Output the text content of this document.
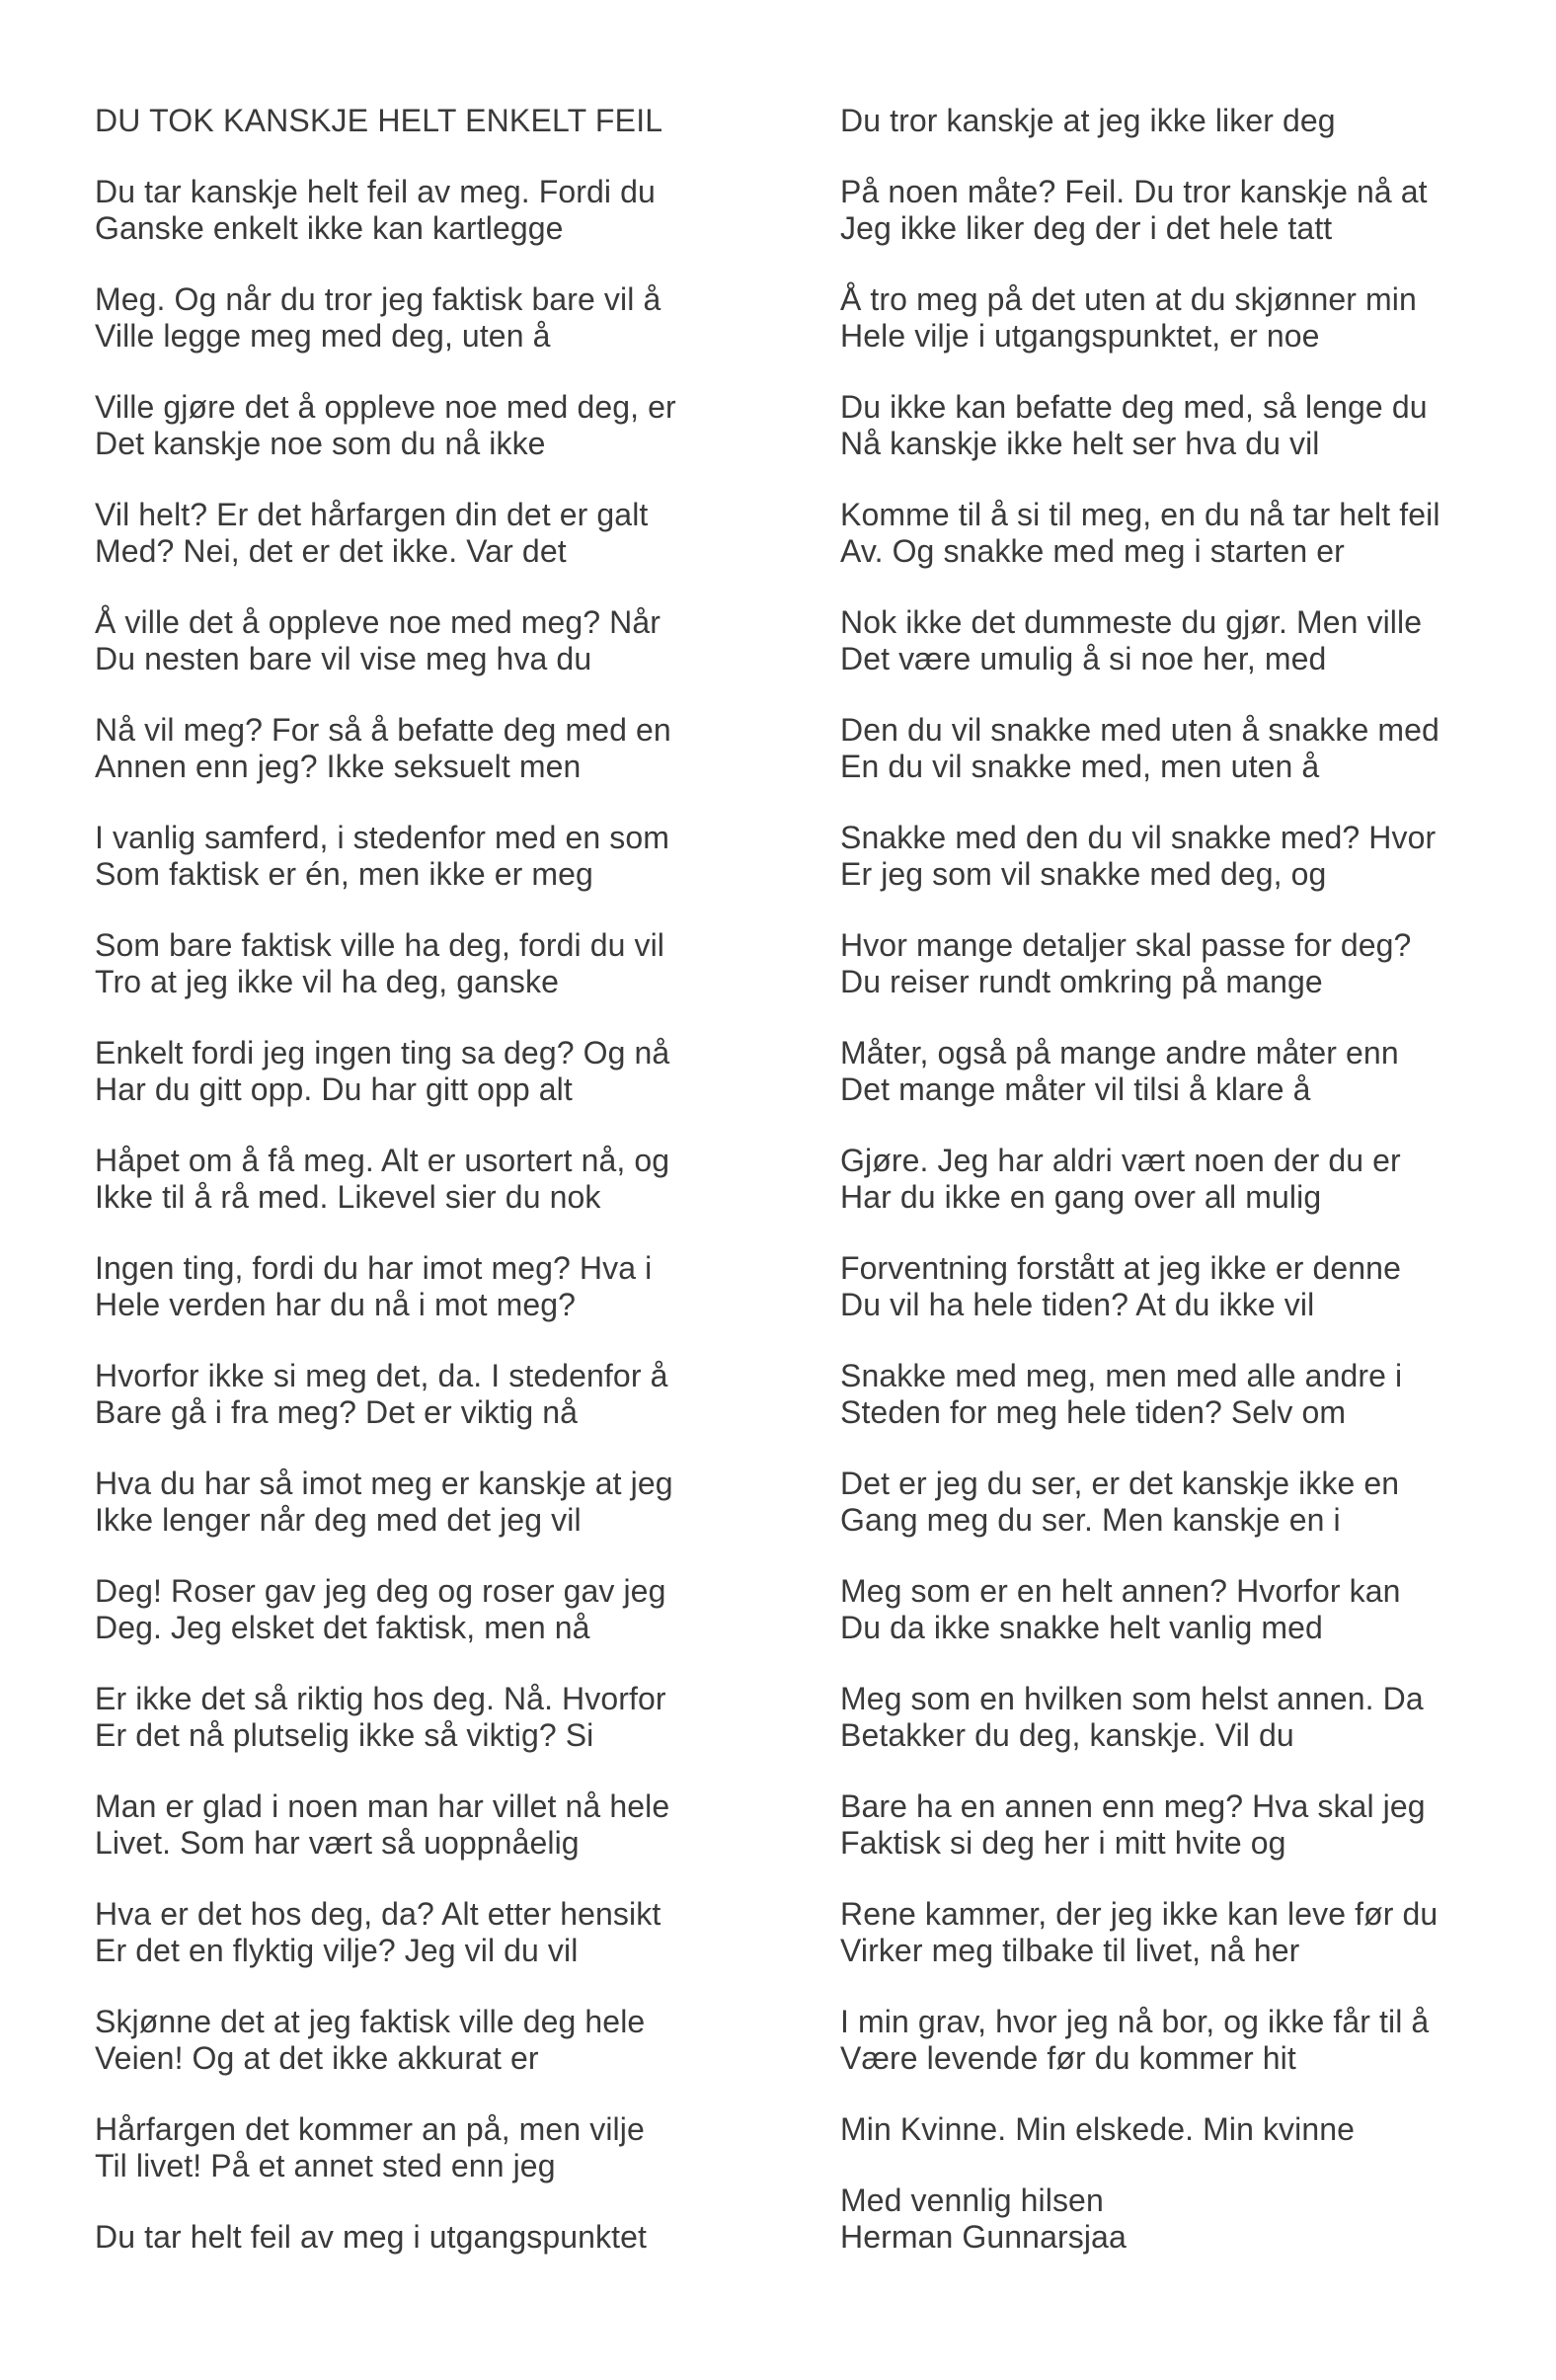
DU TOK KANSKJE HELT ENKELT FEIL
Du tar kanskje helt feil av meg. Fordi du
Ganske enkelt ikke kan kartlegge
Meg. Og når du tror jeg faktisk bare vil å
Ville legge meg med deg, uten å
Ville gjøre det å oppleve noe med deg, er
Det kanskje noe som du nå ikke
Vil helt? Er det hårfargen din det er galt
Med? Nei, det er det ikke. Var det
Å ville det å oppleve noe med meg? Når
Du nesten bare vil vise meg hva du
Nå vil meg? For så å befatte deg med en
Annen enn jeg? Ikke seksuelt men
I vanlig samferd, i stedenfor med en som
Som faktisk er én, men ikke er meg
Som bare faktisk ville ha deg, fordi du vil
Tro at jeg ikke vil ha deg, ganske
Enkelt fordi jeg ingen ting sa deg? Og nå
Har du gitt opp. Du har gitt opp alt
Håpet om å få meg. Alt er usortert nå, og
Ikke til å rå med. Likevel sier du nok
Ingen ting, fordi du har imot meg? Hva i
Hele verden har du nå i mot meg?
Hvorfor ikke si meg det, da. I stedenfor å
Bare gå i fra meg? Det er viktig nå
Hva du har så imot meg er kanskje at jeg
Ikke lenger når deg med det jeg vil
Deg! Roser gav jeg deg og roser gav jeg
Deg. Jeg elsket det faktisk, men nå
Er ikke det så riktig hos deg. Nå. Hvorfor
Er det nå plutselig ikke så viktig? Si
Man er glad i noen man har villet nå hele
Livet. Som har vært så uoppnåelig
Hva er det hos deg, da? Alt etter hensikt
Er det en flyktig vilje? Jeg vil du vil
Skjønne det at jeg faktisk ville deg hele
Veien! Og at det ikke akkurat er
Hårfargen det kommer an på, men vilje
Til livet! På et annet sted enn jeg
Du tar helt feil av meg i utgangspunktet
Du tror kanskje at jeg ikke liker deg
På noen måte? Feil. Du tror kanskje nå at
Jeg ikke liker deg der i det hele tatt
Å tro meg på det uten at du skjønner min
Hele vilje i utgangspunktet, er noe
Du ikke kan befatte deg med, så lenge du
Nå kanskje ikke helt ser hva du vil
Komme til å si til meg, en du nå tar helt feil
Av. Og snakke med meg i starten er
Nok ikke det dummeste du gjør. Men ville
Det være umulig å si noe her, med
Den du vil snakke med uten å snakke med
En du vil snakke med, men uten å
Snakke med den du vil snakke med? Hvor
Er jeg som vil snakke med deg, og
Hvor mange detaljer skal passe for deg?
Du reiser rundt omkring på mange
Måter, også på mange andre måter enn
Det mange måter vil tilsi å klare å
Gjøre. Jeg har aldri vært noen der du er
Har du ikke en gang over all mulig
Forventning forstått at jeg ikke er denne
Du vil ha hele tiden? At du ikke vil
Snakke med meg, men med alle andre i
Steden for meg hele tiden? Selv om
Det er jeg du ser, er det kanskje ikke en
Gang meg du ser. Men kanskje en i
Meg som er en helt annen? Hvorfor kan
Du da ikke snakke helt vanlig med
Meg som en hvilken som helst annen. Da
Betakker du deg, kanskje. Vil du
Bare ha en annen enn meg? Hva skal jeg
Faktisk si deg her i mitt hvite og
Rene kammer, der jeg ikke kan leve før du
Virker meg tilbake til livet, nå her
I min grav, hvor jeg nå bor, og ikke får til å
Være levende før du kommer hit
Min Kvinne. Min elskede. Min kvinne
Med vennlig hilsen
Herman Gunnarsjaa
